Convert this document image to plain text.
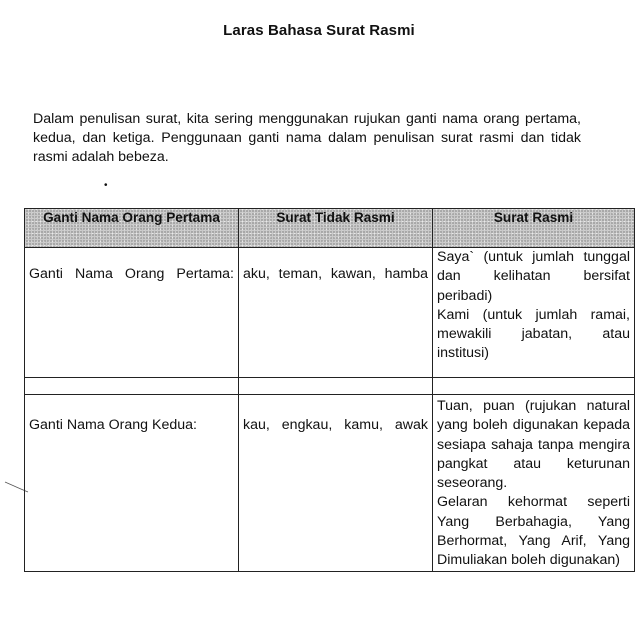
Laras Bahasa Surat Rasmi

Dalam penulisan surat, kita sering menggunakan rujukan ganti nama orang pertama, kedua, dan ketiga. Penggunaan ganti nama dalam penulisan surat rasmi dan tidak rasmi adalah bebeza.

•
Ganti Nama Orang Pertama	Surat Tidak Rasmi	Surat Rasmi

Ganti Nama Orang Pertama:	aku, teman, kawan, hamba	Saya` (untuk jumlah tunggal dan kelihatan bersifat peribadi)
Kami (untuk jumlah ramai, mewakili jabatan, atau institusi)

Ganti Nama Orang Kedua:	kau, engkau, kamu, awak	Tuan, puan (rujukan natural yang boleh digunakan kepada sesiapa sahaja tanpa mengira pangkat atau keturunan seseorang.
Gelaran kehormat seperti Yang Berbahagia, Yang Berhormat, Yang Arif, Yang Dimuliakan boleh digunakan)
